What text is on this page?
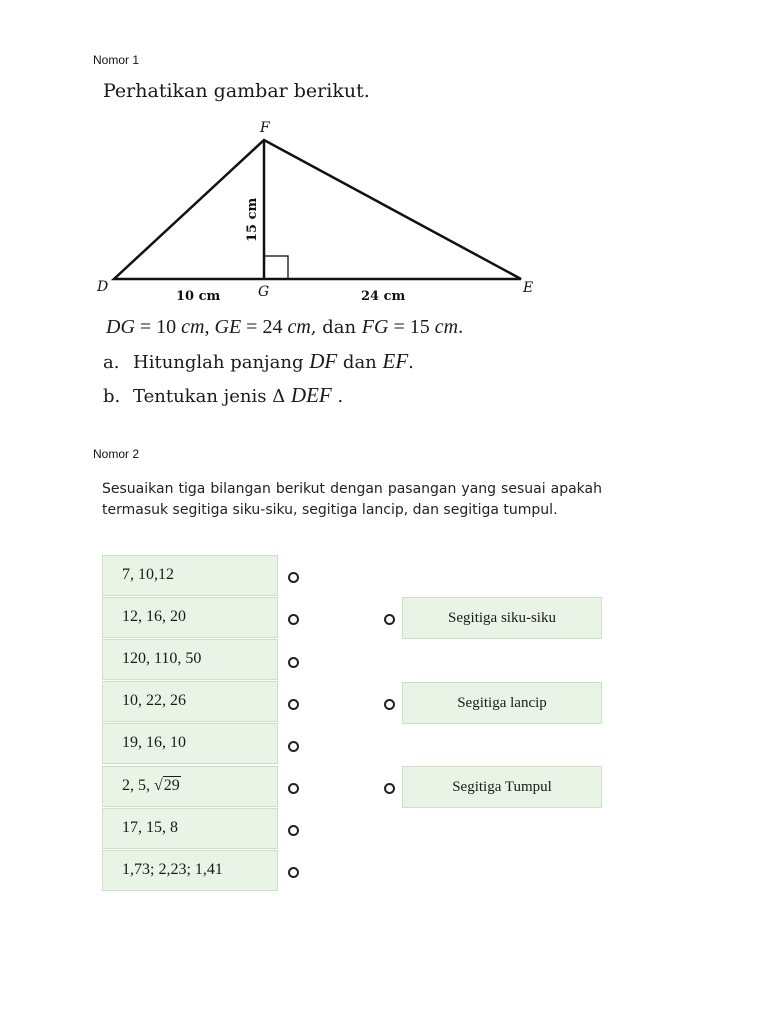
Nomor 1
Perhatikan gambar berikut.
F
D	G	E
10 cm	24 cm
15 cm
DG = 10 cm, GE = 24 cm, dan FG = 15 cm.
a. Hitunglah panjang DF dan EF.
b. Tentukan jenis Δ DEF .
Nomor 2
Sesuaikan tiga bilangan berikut dengan pasangan yang sesuai apakah termasuk segitiga siku-siku, segitiga lancip, dan segitiga tumpul.
7, 10,12
12, 16, 20
120, 110, 50
10, 22, 26
19, 16, 10
2, 5, √29
17, 15, 8
1,73; 2,23; 1,41
Segitiga siku-siku
Segitiga lancip
Segitiga Tumpul
